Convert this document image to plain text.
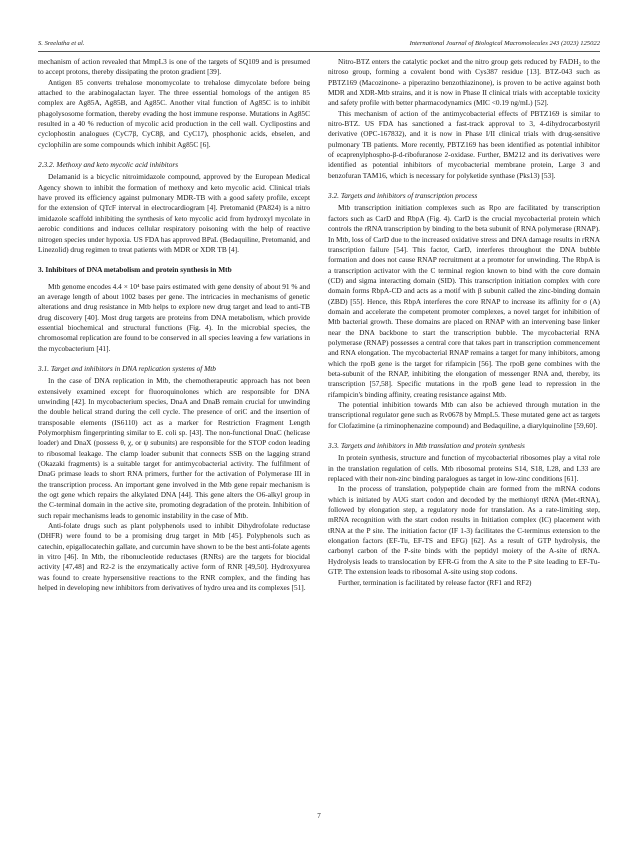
S. Sreelatha et al.	International Journal of Biological Macromolecules 243 (2023) 125022

mechanism of action revealed that MmpL3 is one of the targets of SQ109 and is presumed to accept protons, thereby dissipating the proton gradient [39].

Antigen 85 converts trehalose monomycolate to trehalose dimycolate before being attached to the arabinogalactan layer. The three essential homologs of the antigen 85 complex are Ag85A, Ag85B, and Ag85C. Another vital function of Ag85C is to inhibit phagolysosome formation, thereby evading the host immune response. Mutations in Ag85C resulted in a 40 % reduction of mycolic acid production in the cell wall. Cyclipostins and cyclophostin analogues (CyC7β, CyC8β, and CyC17), phosphonic acids, ebselen, and cyclophilin are some compounds which inhibit Ag85C [6].

2.3.2. Methoxy and keto mycolic acid inhibitors

Delamanid is a bicyclic nitroimidazole compound, approved by the European Medical Agency shown to inhibit the formation of methoxy and keto mycolic acid. Clinical trials have proved its efficiency against pulmonary MDR-TB with a good safety profile, except for the extension of QTcF interval in electrocardiogram [4]. Pretomanid (PA824) is a nitro imidazole scaffold inhibiting the synthesis of keto mycolic acid from hydroxyl mycolate in aerobic conditions and induces cellular respiratory poisoning with the help of reactive nitrogen species under hypoxia. US FDA has approved BPaL (Bedaquiline, Pretomanid, and Linezolid) drug regimen to treat patients with MDR or XDR TB [4].

3. Inhibitors of DNA metabolism and protein synthesis in Mtb

Mtb genome encodes 4.4 × 10⁴ base pairs estimated with gene density of about 91 % and an average length of about 1002 bases per gene. The intricacies in mechanisms of genetic alterations and drug resistance in Mtb helps to explore new drug target and lead to anti-TB drug discovery [40]. Most drug targets are proteins from DNA metabolism, which provide essential biochemical and structural functions (Fig. 4). In the microbial species, the chromosomal replication are found to be conserved in all species leaving a few variations in the mycobacterium [41].

3.1. Target and inhibitors in DNA replication systems of Mtb

In the case of DNA replication in Mtb, the chemotherapeutic approach has not been extensively examined except for fluoroquinolones which are responsible for DNA unwinding [42]. In mycobacterium species, DnaA and DnaB remain crucial for unwinding the double helical strand during the cell cycle. The presence of oriC and the insertion of transposable elements (IS6110) act as a marker for Restriction Fragment Length Polymorphism fingerprinting similar to E. coli sp. [43]. The non-functional DnaC (helicase loader) and DnaX (possess θ, χ, or ψ subunits) are responsible for the STOP codon leading to ribosomal leakage. The clamp loader subunit that connects SSB on the lagging strand (Okazaki fragments) is a suitable target for antimycobacterial activity. The fulfilment of DnaG primase leads to short RNA primers, further for the activation of Polymerase III in the transcription process. An important gene involved in the Mtb gene repair mechanism is the ogt gene which repairs the alkylated DNA [44]. This gene alters the O6-alkyl group in the C-terminal domain in the active site, promoting degradation of the protein. Inhibition of such repair mechanisms leads to genomic instability in the case of Mtb.

Anti-folate drugs such as plant polyphenols used to inhibit Dihydrofolate reductase (DHFR) were found to be a promising drug target in Mtb [45]. Polyphenols such as catechin, epigallocatechin gallate, and curcumin have shown to be the best anti-folate agents in vitro [46]. In Mtb, the ribonucleotide reductases (RNRs) are the targets for biocidal activity [47,48] and R2-2 is the enzymatically active form of RNR [49,50]. Hydroxyurea was found to create hypersensitive reactions to the RNR complex, and the finding has helped in developing new inhibitors from derivatives of hydro urea and its complexes [51].

Nitro-BTZ enters the catalytic pocket and the nitro group gets reduced by FADH₂ to the nitroso group, forming a covalent bond with Cys387 residue [13]. BTZ-043 such as PBTZ169 (Macozinone- a piperazino benzothiazinone), is proven to be active against both MDR and XDR-Mtb strains, and it is now in Phase II clinical trials with acceptable toxicity and safety profile with better pharmacodynamics (MIC <0.19 ng/mL) [52].

This mechanism of action of the antimycobacterial effects of PBTZ169 is similar to nitro-BTZ. US FDA has sanctioned a fast-track approval to 3, 4-dihydrocarbostyril derivative (OPC-167832), and it is now in Phase I/II clinical trials with drug-sensitive pulmonary TB patients. More recently, PBTZ169 has been identified as potential inhibitor of ecaprenylphospho-β-d-ribofuranose 2-oxidase. Further, BM212 and its derivatives were identified as potential inhibitors of mycobacterial membrane protein, Large 3 and benzofuran TAM16, which is necessary for polyketide synthase (Pks13) [53].

3.2. Targets and inhibitors of transcription process

Mtb transcription initiation complexes such as Rpo are facilitated by transcription factors such as CarD and RbpA (Fig. 4). CarD is the crucial mycobacterial protein which controls the rRNA transcription by binding to the beta subunit of RNA polymerase (RNAP). In Mtb, loss of CarD due to the increased oxidative stress and DNA damage results in rRNA transcription failure [54]. This factor, CarD, interferes throughout the DNA bubble formation and does not cause RNAP recruitment at a promoter for unwinding. The RbpA is a transcription activator with the C terminal region known to bind with the core domain (CD) and sigma interacting domain (SID). This transcription initiation complex with core domain forms RbpA-CD and acts as a motif with β subunit called the zinc-binding domain (ZBD) [55]. Hence, this RbpA interferes the core RNAP to increase its affinity for σ (A) domain and accelerate the competent promoter complexes, a novel target for inhibition of Mtb bacterial growth. These domains are placed on RNAP with an intervening base linker near the DNA backbone to start the transcription bubble. The mycobacterial RNA polymerase (RNAP) possesses a central core that takes part in transcription commencement and RNA elongation. The mycobacterial RNAP remains a target for many inhibitors, among which the rpoB gene is the target for rifampicin [56]. The rpoB gene combines with the beta-subunit of the RNAP, inhibiting the elongation of messenger RNA and, thereby, its transcription [57,58]. Specific mutations in the rpoB gene lead to repression in the rifampicin's binding affinity, creating resistance against Mtb.

The potential inhibition towards Mtb can also be achieved through mutation in the transcriptional regulator gene such as Rv0678 by MmpL5. These mutated gene act as targets for Clofazimine (a riminophenazine compound) and Bedaquiline, a diarylquinoline [59,60].

3.3. Targets and inhibitors in Mtb translation and protein synthesis

In protein synthesis, structure and function of mycobacterial ribosomes play a vital role in the translation regulation of cells. Mtb ribosomal proteins S14, S18, L28, and L33 are replaced with their non-zinc binding paralogues as target in low-zinc conditions [61].

In the process of translation, polypeptide chain are formed from the mRNA codons which is initiated by AUG start codon and decoded by the methionyl tRNA (Met-tRNA), followed by elongation step, a regulatory node for translation. As a rate-limiting step, mRNA recognition with the start codon results in Initiation complex (IC) placement with tRNA at the P site. The initiation factor (IF 1-3) facilitates the C-terminus extension to the elongation factors (EF-Tu, EF-TS and EFG) [62]. As a result of GTP hydrolysis, the carbonyl carbon of the P-site binds with the peptidyl moiety of the A-site of tRNA. Hydrolysis leads to translocation by EFR-G from the A site to the P site leading to EF-Tu-GTP. The extension leads to ribosomal A-site using stop codons.

Further, termination is facilitated by release factor (RF1 and RF2)

7
